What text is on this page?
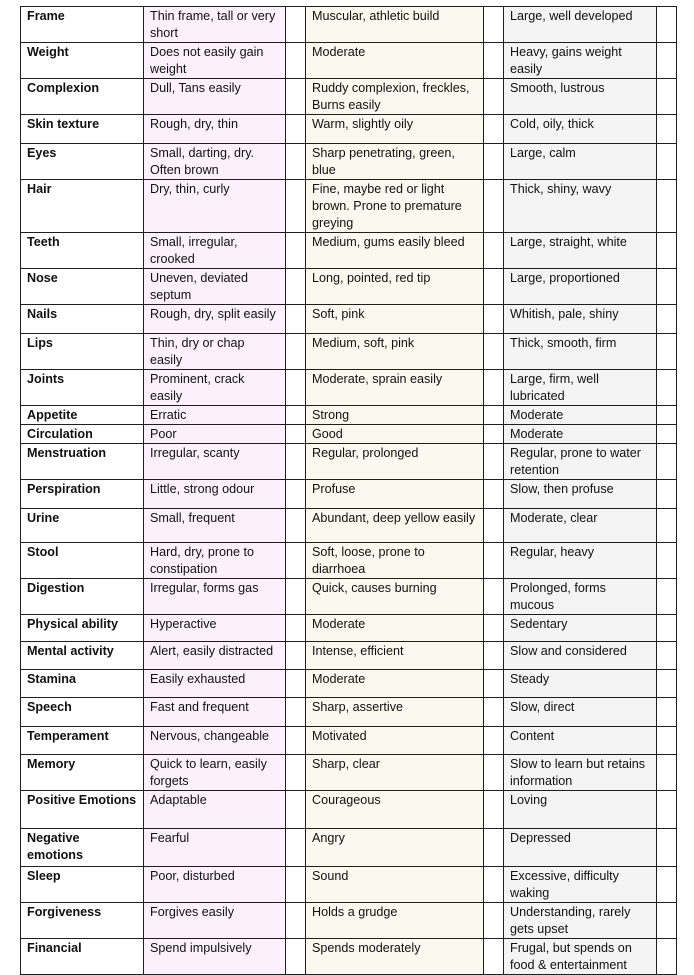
Frame	Thin frame, tall or very short		Muscular, athletic build		Large, well developed	
Weight	Does not easily gain weight		Moderate		Heavy, gains weight easily	
Complexion	Dull, Tans easily		Ruddy complexion, freckles, Burns easily		Smooth, lustrous	
Skin texture	Rough, dry, thin		Warm, slightly oily		Cold, oily, thick	
Eyes	Small, darting, dry. Often brown		Sharp penetrating, green, blue		Large, calm	
Hair	Dry, thin, curly		Fine, maybe red or light brown. Prone to premature greying		Thick, shiny, wavy	
Teeth	Small, irregular, crooked		Medium, gums easily bleed		Large, straight, white	
Nose	Uneven, deviated septum		Long, pointed, red tip		Large, proportioned	
Nails	Rough, dry, split easily		Soft, pink		Whitish, pale, shiny	
Lips	Thin, dry or chap easily		Medium, soft, pink		Thick, smooth, firm	
Joints	Prominent, crack easily		Moderate, sprain easily		Large, firm, well lubricated	
Appetite	Erratic		Strong		Moderate	
Circulation	Poor		Good		Moderate	
Menstruation	Irregular, scanty		Regular, prolonged		Regular, prone to water retention	
Perspiration	Little, strong odour		Profuse		Slow, then profuse	
Urine	Small, frequent		Abundant, deep yellow easily		Moderate, clear	
Stool	Hard, dry, prone to constipation		Soft, loose, prone to diarrhoea		Regular, heavy	
Digestion	Irregular, forms gas		Quick, causes burning		Prolonged, forms mucous	
Physical ability	Hyperactive		Moderate		Sedentary	
Mental activity	Alert, easily distracted		Intense, efficient		Slow and considered	
Stamina	Easily exhausted		Moderate		Steady	
Speech	Fast and frequent		Sharp, assertive		Slow, direct	
Temperament	Nervous, changeable		Motivated		Content	
Memory	Quick to learn, easily forgets		Sharp, clear		Slow to learn but retains information	
Positive Emotions	Adaptable		Courageous		Loving	
Negative emotions	Fearful		Angry		Depressed	
Sleep	Poor, disturbed		Sound		Excessive, difficulty waking	
Forgiveness	Forgives easily		Holds a grudge		Understanding, rarely gets upset	
Financial	Spend impulsively		Spends moderately		Frugal, but spends on food & entertainment	
